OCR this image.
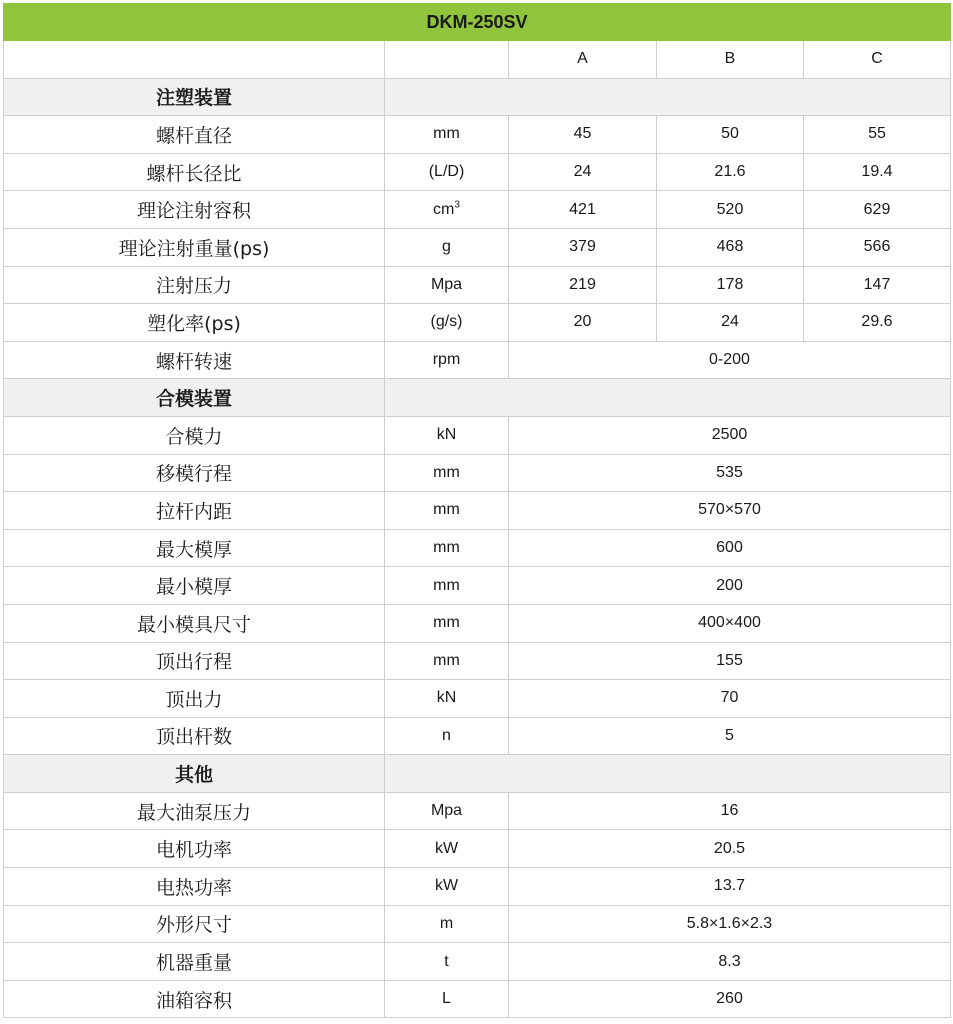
DKM-250SV				
		A	B	C
注塑装置				
螺杆直径	mm	45	50	55
螺杆长径比	(L/D)	24	21.6	19.4
理论注射容积	$cm^3$	421	520	629
理论注射重量(ps)	g	379	468	566
注射压力	Mpa	219	178	147
塑化率(ps)	(g/s)	20	24	29.6
螺杆转速	rpm	0-200		
合模装置				
合模力	kN	2500		
移模行程	mm	535		
拉杆内距	mm	570×570		
最大模厚	mm	600		
最小模厚	mm	200		
最小模具尺寸	mm	400×400		
顶出行程	mm	155		
顶出力	kN	70		
顶出杆数	n	5		
其他				
最大油泵压力	Mpa	16		
电机功率	kW	20.5		
电热功率	kW	13.7		
外形尺寸	m	5.8×1.6×2.3		
机器重量	t	8.3		
油箱容积	L	260		
